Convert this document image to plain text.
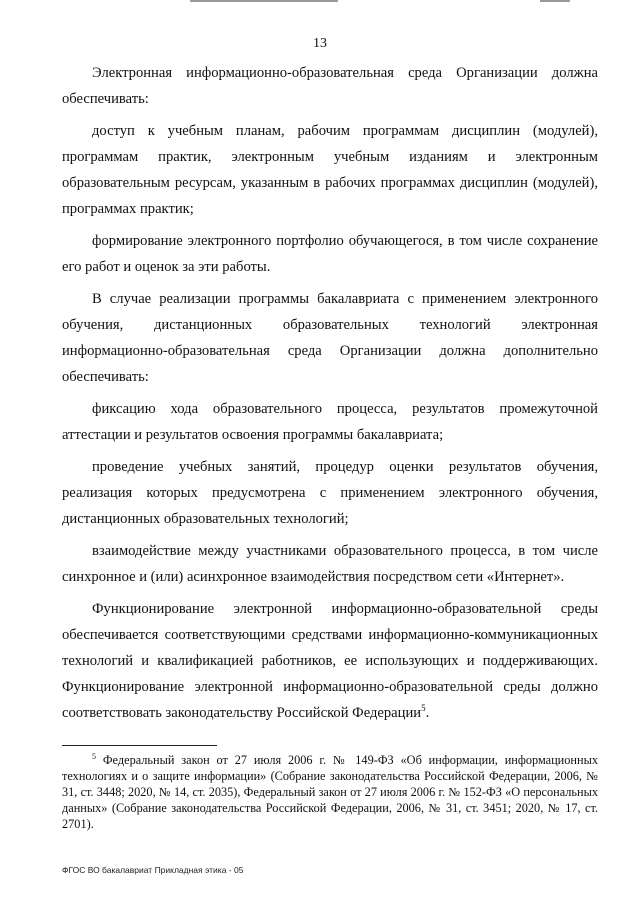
13

Электронная информационно-образовательная среда Организации должна обеспечивать:

доступ к учебным планам, рабочим программам дисциплин (модулей), программам практик, электронным учебным изданиям и электронным образовательным ресурсам, указанным в рабочих программах дисциплин (модулей), программах практик;

формирование электронного портфолио обучающегося, в том числе сохранение его работ и оценок за эти работы.

В случае реализации программы бакалавриата с применением электронного обучения, дистанционных образовательных технологий электронная информационно-образовательная среда Организации должна дополнительно обеспечивать:

фиксацию хода образовательного процесса, результатов промежуточной аттестации и результатов освоения программы бакалавриата;

проведение учебных занятий, процедур оценки результатов обучения, реализация которых предусмотрена с применением электронного обучения, дистанционных образовательных технологий;

взаимодействие между участниками образовательного процесса, в том числе синхронное и (или) асинхронное взаимодействия посредством сети «Интернет».

Функционирование электронной информационно-образовательной среды обеспечивается соответствующими средствами информационно-коммуникационных технологий и квалификацией работников, ее использующих и поддерживающих. Функционирование электронной информационно-образовательной среды должно соответствовать законодательству Российской Федерации$^5$.

$^5$ Федеральный закон от 27 июля 2006 г. № 149-ФЗ «Об информации, информационных технологиях и о защите информации» (Собрание законодательства Российской Федерации, 2006, № 31, ст. 3448; 2020, № 14, ст. 2035), Федеральный закон от 27 июля 2006 г. № 152-ФЗ «О персональных данных» (Собрание законодательства Российской Федерации, 2006, № 31, ст. 3451; 2020, № 17, ст. 2701).
ФГОС ВО бакалавриат Прикладная этика - 05
